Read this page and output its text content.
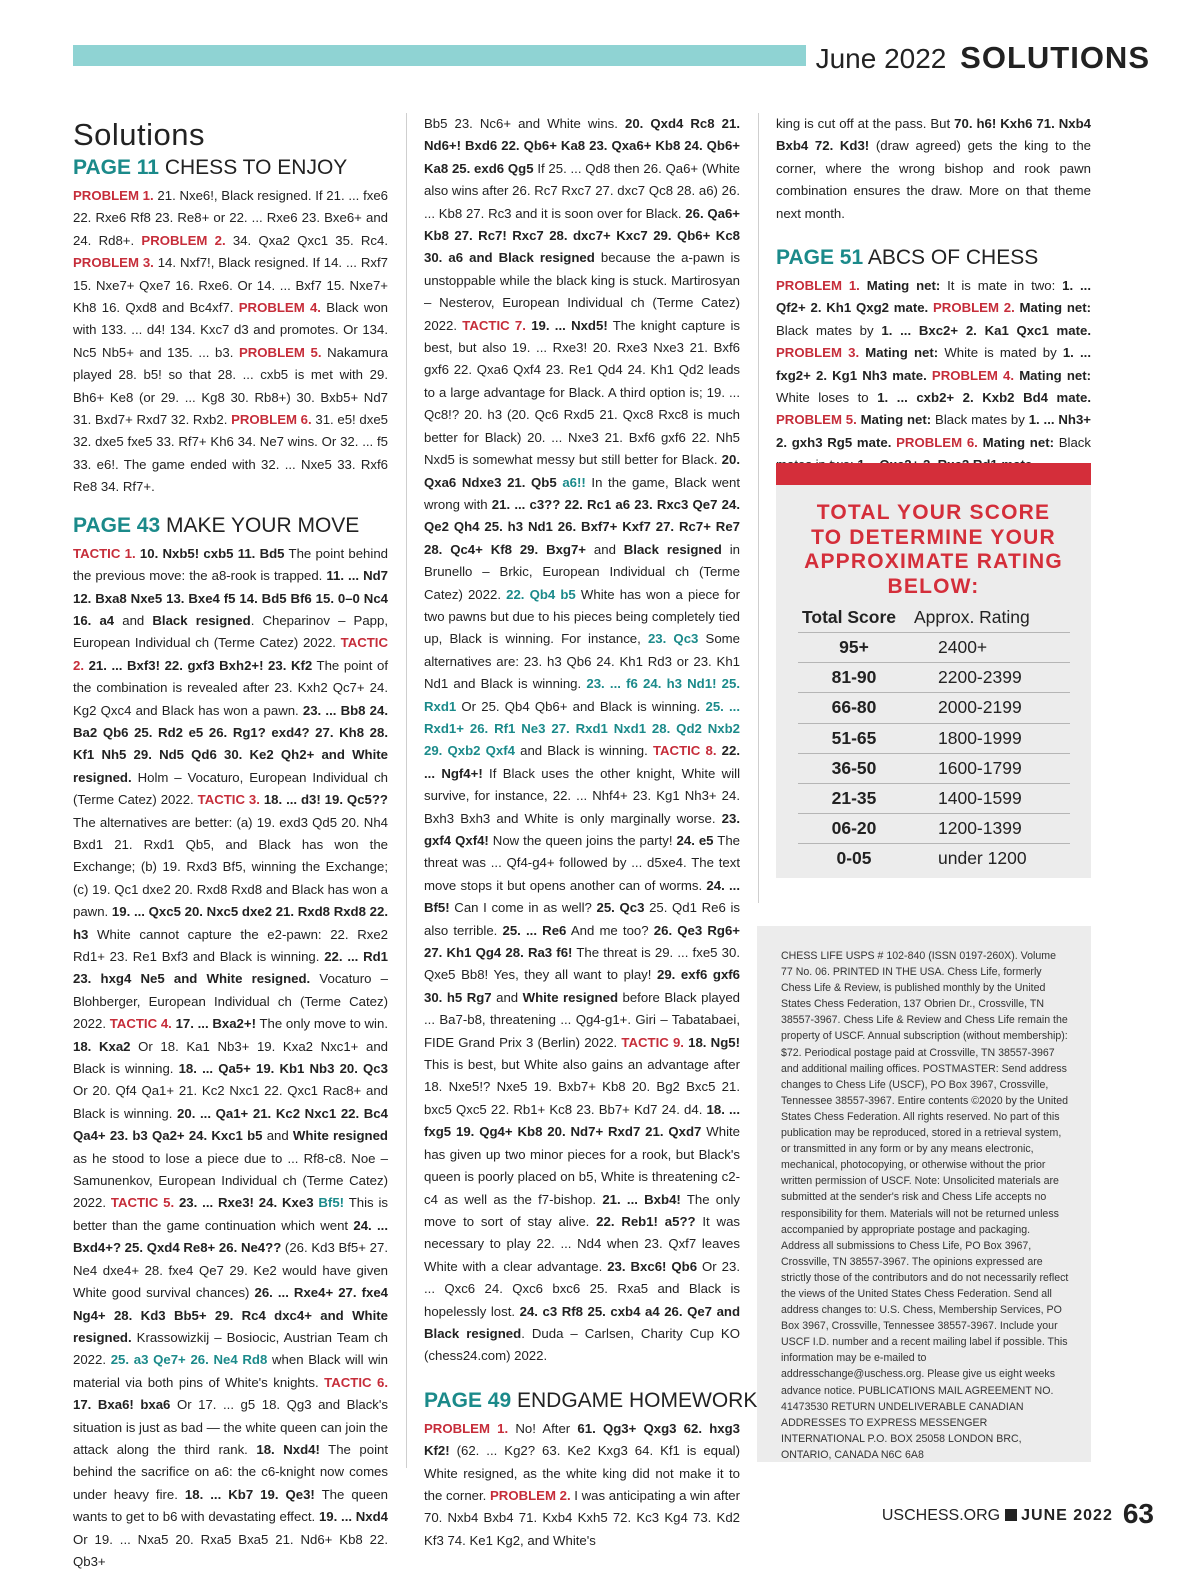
June 2022 SOLUTIONS
Solutions
PAGE 11 CHESS TO ENJOY

PROBLEM 1. 21. Nxe6!, Black resigned. If 21. ... fxe6 22. Rxe6 Rf8 23. Re8+ or 22. ... Rxe6 23. Bxe6+ and 24. Rd8+. PROBLEM 2. 34. Qxa2 Qxc1 35. Rc4. PROBLEM 3. 14. Nxf7!, Black resigned. If 14. ... Rxf7 15. Nxe7+ Qxe7 16. Rxe6. Or 14. ... Bxf7 15. Nxe7+ Kh8 16. Qxd8 and Bc4xf7. PROBLEM 4. Black won with 133. ... d4! 134. Kxc7 d3 and promotes. Or 134. Nc5 Nb5+ and 135. ... b3. PROBLEM 5. Nakamura played 28. b5! so that 28. ... cxb5 is met with 29. Bh6+ Ke8 (or 29. ... Kg8 30. Rb8+) 30. Bxb5+ Nd7 31. Bxd7+ Rxd7 32. Rxb2. PROBLEM 6. 31. e5! dxe5 32. dxe5 fxe5 33. Rf7+ Kh6 34. Ne7 wins. Or 32. ... f5 33. e6!. The game ended with 32. ... Nxe5 33. Rxf6 Re8 34. Rf7+.

PAGE 43 MAKE YOUR MOVE

TACTIC 1. 10. Nxb5! cxb5 11. Bd5 The point behind the previous move: the a8-rook is trapped. 11. ... Nd7 12. Bxa8 Nxe5 13. Bxe4 f5 14. Bd5 Bf6 15. 0–0 Nc4 16. a4 and Black resigned. Cheparinov – Papp, European Individual ch (Terme Catez) 2022. TACTIC 2. 21. ... Bxf3! 22. gxf3 Bxh2+! 23. Kf2 The point of the combination is revealed after 23. Kxh2 Qc7+ 24. Kg2 Qxc4 and Black has won a pawn. 23. ... Bb8 24. Ba2 Qb6 25. Rd2 e5 26. Rg1? exd4? 27. Kh8 28. Kf1 Nh5 29. Nd5 Qd6 30. Ke2 Qh2+ and White resigned. Holm – Vocaturo, European Individual ch (Terme Catez) 2022. TACTIC 3. 18. ... d3! 19. Qc5?? The alternatives are better: (a) 19. exd3 Qd5 20. Nh4 Bxd1 21. Rxd1 Qb5, and Black has won the Exchange; (b) 19. Rxd3 Bf5, winning the Exchange; (c) 19. Qc1 dxe2 20. Rxd8 Rxd8 and Black has won a pawn. 19. ... Qxc5 20. Nxc5 dxe2 21. Rxd8 Rxd8 22. h3 White cannot capture the e2-pawn: 22. Rxe2 Rd1+ 23. Re1 Bxf3 and Black is winning. 22. ... Rd1 23. hxg4 Ne5 and White resigned. Vocaturo – Blohberger, European Individual ch (Terme Catez) 2022. TACTIC 4. 17. ... Bxa2+! The only move to win. 18. Kxa2 Or 18. Ka1 Nb3+ 19. Kxa2 Nxc1+ and Black is winning. 18. ... Qa5+ 19. Kb1 Nb3 20. Qc3 Or 20. Qf4 Qa1+ 21. Kc2 Nxc1 22. Qxc1 Rac8+ and Black is winning. 20. ... Qa1+ 21. Kc2 Nxc1 22. Bc4 Qa4+ 23. b3 Qa2+ 24. Kxc1 b5 and White resigned as he stood to lose a piece due to ... Rf8-c8. Noe – Samunenkov, European Individual ch (Terme Catez) 2022. TACTIC 5. 23. ... Rxe3! 24. Kxe3 Bf5! This is better than the game continuation which went 24. ... Bxd4+? 25. Qxd4 Re8+ 26. Ne4?? (26. Kd3 Bf5+ 27. Ne4 dxe4+ 28. fxe4 Qe7 29. Ke2 would have given White good survival chances) 26. ... Rxe4+ 27. fxe4 Ng4+ 28. Kd3 Bb5+ 29. Rc4 dxc4+ and White resigned. Krassowizkij – Bosiocic, Austrian Team ch 2022. 25. a3 Qe7+ 26. Ne4 Rd8 when Black will win material via both pins of White's knights. TACTIC 6. 17. Bxa6! bxa6 Or 17. ... g5 18. Qg3 and Black's situation is just as bad — the white queen can join the attack along the third rank. 18. Nxd4! The point behind the sacrifice on a6: the c6-knight now comes under heavy fire. 18. ... Kb7 19. Qe3! The queen wants to get to b6 with devastating effect. 19. ... Nxd4 Or 19. ... Nxa5 20. Rxa5 Bxa5 21. Nd6+ Kb8 22. Qb3+

Bb5 23. Nc6+ and White wins. 20. Qxd4 Rc8 21. Nd6+! Bxd6 22. Qb6+ Ka8 23. Qxa6+ Kb8 24. Qb6+ Ka8 25. exd6 Qg5 If 25. ... Qd8 then 26. Qa6+ (White also wins after 26. Rc7 Rxc7 27. dxc7 Qc8 28. a6) 26. ... Kb8 27. Rc3 and it is soon over for Black. 26. Qa6+ Kb8 27. Rc7! Rxc7 28. dxc7+ Kxc7 29. Qb6+ Kc8 30. a6 and Black resigned because the a-pawn is unstoppable while the black king is stuck. Martirosyan – Nesterov, European Individual ch (Terme Catez) 2022. TACTIC 7. 19. ... Nxd5! The knight capture is best, but also 19. ... Rxe3! 20. Rxe3 Nxe3 21. Bxf6 gxf6 22. Qxa6 Qxf4 23. Re1 Qd4 24. Kh1 Qd2 leads to a large advantage for Black. A third option is; 19. ... Qc8!? 20. h3 (20. Qc6 Rxd5 21. Qxc8 Rxc8 is much better for Black) 20. ... Nxe3 21. Bxf6 gxf6 22. Nh5 Nxd5 is somewhat messy but still better for Black. 20. Qxa6 Ndxe3 21. Qb5 a6!! In the game, Black went wrong with 21. ... c3?? 22. Rc1 a6 23. Rxc3 Qe7 24. Qe2 Qh4 25. h3 Nd1 26. Bxf7+ Kxf7 27. Rc7+ Re7 28. Qc4+ Kf8 29. Bxg7+ and Black resigned in Brunello – Brkic, European Individual ch (Terme Catez) 2022. 22. Qb4 b5 White has won a piece for two pawns but due to his pieces being completely tied up, Black is winning. For instance, 23. Qc3 Some alternatives are: 23. h3 Qb6 24. Kh1 Rd3 or 23. Kh1 Nd1 and Black is winning. 23. ... f6 24. h3 Nd1! 25. Rxd1 Or 25. Qb4 Qb6+ and Black is winning. 25. ... Rxd1+ 26. Rf1 Ne3 27. Rxd1 Nxd1 28. Qd2 Nxb2 29. Qxb2 Qxf4 and Black is winning. TACTIC 8. 22. ... Ngf4+! If Black uses the other knight, White will survive, for instance, 22. ... Nhf4+ 23. Kg1 Nh3+ 24. Bxh3 Bxh3 and White is only marginally worse. 23. gxf4 Qxf4! Now the queen joins the party! 24. e5 The threat was ... Qf4-g4+ followed by ... d5xe4. The text move stops it but opens another can of worms. 24. ... Bf5! Can I come in as well? 25. Qc3 25. Qd1 Re6 is also terrible. 25. ... Re6 And me too? 26. Qe3 Rg6+ 27. Kh1 Qg4 28. Ra3 f6! The threat is 29. ... fxe5 30. Qxe5 Bb8! Yes, they all want to play! 29. exf6 gxf6 30. h5 Rg7 and White resigned before Black played ... Ba7-b8, threatening ... Qg4-g1+. Giri – Tabatabaei, FIDE Grand Prix 3 (Berlin) 2022. TACTIC 9. 18. Ng5! This is best, but White also gains an advantage after 18. Nxe5!? Nxe5 19. Bxb7+ Kb8 20. Bg2 Bxc5 21. bxc5 Qxc5 22. Rb1+ Kc8 23. Bb7+ Kd7 24. d4. 18. ... fxg5 19. Qg4+ Kb8 20. Nd7+ Rxd7 21. Qxd7 White has given up two minor pieces for a rook, but Black's queen is poorly placed on b5, White is threatening c2-c4 as well as the f7-bishop. 21. ... Bxb4! The only move to sort of stay alive. 22. Reb1! a5?? It was necessary to play 22. ... Nd4 when 23. Qxf7 leaves White with a clear advantage. 23. Bxc6! Qb6 Or 23. ... Qxc6 24. Qxc6 bxc6 25. Rxa5 and Black is hopelessly lost. 24. c3 Rf8 25. cxb4 a4 26. Qe7 and Black resigned. Duda – Carlsen, Charity Cup KO (chess24.com) 2022.

PAGE 49 ENDGAME HOMEWORK

PROBLEM 1. No! After 61. Qg3+ Qxg3 62. hxg3 Kf2! (62. ... Kg2? 63. Ke2 Kxg3 64. Kf1 is equal) White resigned, as the white king did not make it to the corner. PROBLEM 2. I was anticipating a win after 70. Nxb4 Bxb4 71. Kxb4 Kxh5 72. Kc3 Kg4 73. Kd2 Kf3 74. Ke1 Kg2, and White's

king is cut off at the pass. But 70. h6! Kxh6 71. Nxb4 Bxb4 72. Kd3! (draw agreed) gets the king to the corner, where the wrong bishop and rook pawn combination ensures the draw. More on that theme next month.

PAGE 51 ABCS OF CHESS

PROBLEM 1. Mating net: It is mate in two: 1. ... Qf2+ 2. Kh1 Qxg2 mate. PROBLEM 2. Mating net: Black mates by 1. ... Bxc2+ 2. Ka1 Qxc1 mate. PROBLEM 3. Mating net: White is mated by 1. ... fxg2+ 2. Kg1 Nh3 mate. PROBLEM 4. Mating net: White loses to 1. ... cxb2+ 2. Kxb2 Bd4 mate. PROBLEM 5. Mating net: Black mates by 1. ... Nh3+ 2. gxh3 Rg5 mate. PROBLEM 6. Mating net: Black

TOTAL YOUR SCORE TO DETERMINE YOUR APPROXIMATE RATING BELOW:
Total Score	Approx. Rating
95+	2400+
81-90	2200-2399
66-80	2000-2199
51-65	1800-1999
36-50	1600-1799
21-35	1400-1599
06-20	1200-1399
0-05	under 1200
CHESS LIFE USPS # 102-840 (ISSN 0197-260X). Volume 77 No. 06. PRINTED IN THE USA. Chess Life, formerly Chess Life & Review, is published monthly by the United States Chess Federation, 137 Obrien Dr., Crossville, TN 38557-3967. Chess Life & Review and Chess Life remain the property of USCF. Annual subscription (without membership): $72. Periodical postage paid at Crossville, TN 38557-3967 and additional mailing offices. POSTMASTER: Send address changes to Chess Life (USCF), PO Box 3967, Crossville, Tennessee 38557-3967. Entire contents ©2020 by the United States Chess Federation. All rights reserved. No part of this publication may be reproduced, stored in a retrieval system, or transmitted in any form or by any means electronic, mechanical, photocopying, or otherwise without the prior written permission of USCF. Note: Unsolicited materials are submitted at the sender's risk and Chess Life accepts no responsibility for them. Materials will not be returned unless accompanied by appropriate postage and packaging. Address all submissions to Chess Life, PO Box 3967, Crossville, TN 38557-3967. The opinions expressed are strictly those of the contributors and do not necessarily reflect the views of the United States Chess Federation. Send all address changes to: U.S. Chess, Membership Services, PO Box 3967, Crossville, Tennessee 38557-3967. Include your USCF I.D. number and a recent mailing label if possible. This information may be e-mailed to addresschange@uschess.org. Please give us eight weeks advance notice. PUBLICATIONS MAIL AGREEMENT NO. 41473530 RETURN UNDELIVERABLE CANADIAN ADDRESSES TO EXPRESS MESSENGER INTERNATIONAL P.O. BOX 25058 LONDON BRC, ONTARIO, CANADA N6C 6A8
USCHESS.ORG JUNE 2022 63
